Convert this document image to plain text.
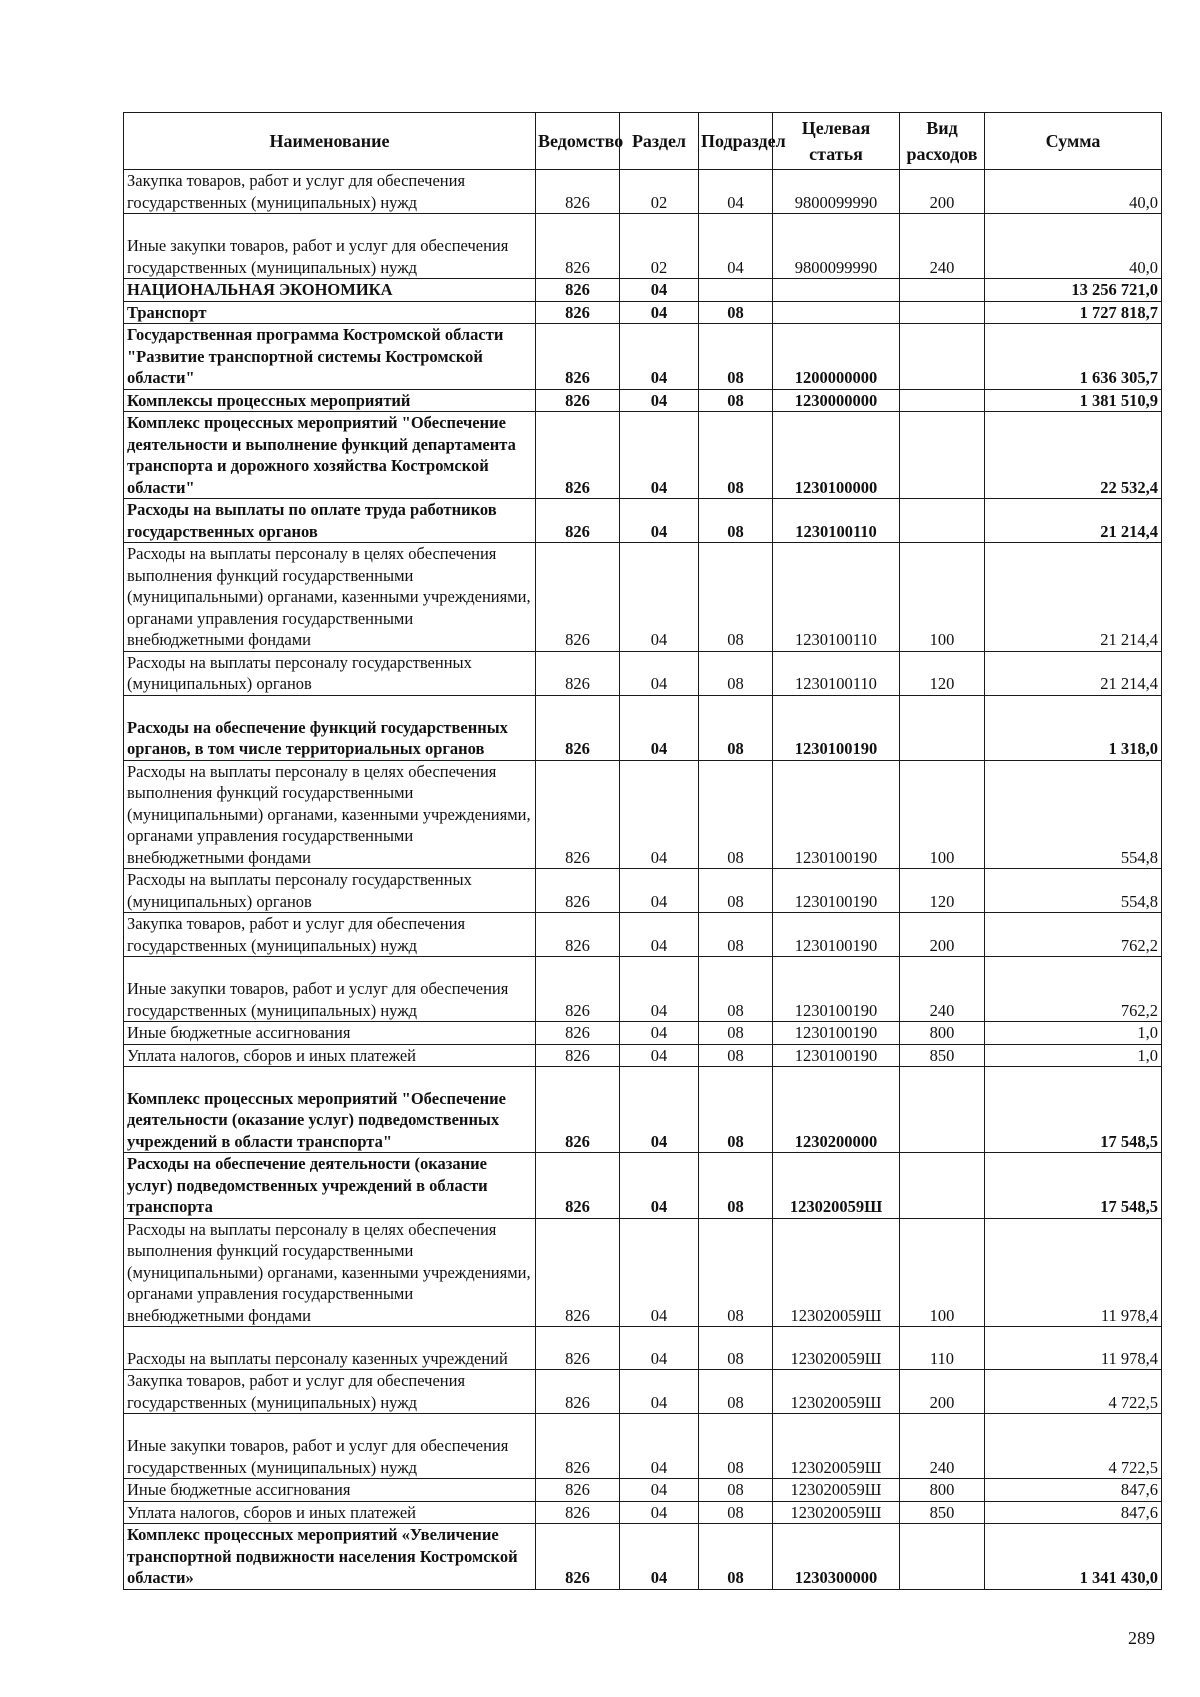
Наименование	Ведомство	Раздел	Подраздел	Целевая статья	Вид расходов	Сумма
Закупка товаров, работ и услуг для обеспечения государственных (муниципальных) нужд	826	02	04	9800099990	200	40,0
Иные закупки товаров, работ и услуг для обеспечения государственных (муниципальных) нужд	826	02	04	9800099990	240	40,0
НАЦИОНАЛЬНАЯ ЭКОНОМИКА	826	04				13 256 721,0
Транспорт	826	04	08			1 727 818,7
Государственная программа Костромской области "Развитие транспортной системы Костромской области"	826	04	08	1200000000		1 636 305,7
Комплексы процессных мероприятий	826	04	08	1230000000		1 381 510,9
Комплекс процессных мероприятий "Обеспечение деятельности и выполнение функций департамента транспорта и дорожного хозяйства Костромской области"	826	04	08	1230100000		22 532,4
Расходы на выплаты по оплате труда работников государственных органов	826	04	08	1230100110		21 214,4
Расходы на выплаты персоналу в целях обеспечения выполнения функций государственными (муниципальными) органами, казенными учреждениями, органами управления государственными внебюджетными фондами	826	04	08	1230100110	100	21 214,4
Расходы на выплаты персоналу государственных (муниципальных) органов	826	04	08	1230100110	120	21 214,4
Расходы на обеспечение функций государственных органов, в том числе территориальных органов	826	04	08	1230100190		1 318,0
Расходы на выплаты персоналу в целях обеспечения выполнения функций государственными (муниципальными) органами, казенными учреждениями, органами управления государственными внебюджетными фондами	826	04	08	1230100190	100	554,8
Расходы на выплаты персоналу государственных (муниципальных) органов	826	04	08	1230100190	120	554,8
Закупка товаров, работ и услуг для обеспечения государственных (муниципальных) нужд	826	04	08	1230100190	200	762,2
Иные закупки товаров, работ и услуг для обеспечения государственных (муниципальных) нужд	826	04	08	1230100190	240	762,2
Иные бюджетные ассигнования	826	04	08	1230100190	800	1,0
Уплата налогов, сборов и иных платежей	826	04	08	1230100190	850	1,0
Комплекс процессных мероприятий "Обеспечение деятельности (оказание услуг) подведомственных учреждений в области транспорта"	826	04	08	1230200000		17 548,5
Расходы на обеспечение деятельности (оказание услуг) подведомственных учреждений в области транспорта	826	04	08	123020059Ш		17 548,5
Расходы на выплаты персоналу в целях обеспечения выполнения функций государственными (муниципальными) органами, казенными учреждениями, органами управления государственными внебюджетными фондами	826	04	08	123020059Ш	100	11 978,4
Расходы на выплаты персоналу казенных учреждений	826	04	08	123020059Ш	110	11 978,4
Закупка товаров, работ и услуг для обеспечения государственных (муниципальных) нужд	826	04	08	123020059Ш	200	4 722,5
Иные закупки товаров, работ и услуг для обеспечения государственных (муниципальных) нужд	826	04	08	123020059Ш	240	4 722,5
Иные бюджетные ассигнования	826	04	08	123020059Ш	800	847,6
Уплата налогов, сборов и иных платежей	826	04	08	123020059Ш	850	847,6
Комплекс процессных мероприятий «Увеличение транспортной подвижности населения Костромской области»	826	04	08	1230300000		1 341 430,0
289
